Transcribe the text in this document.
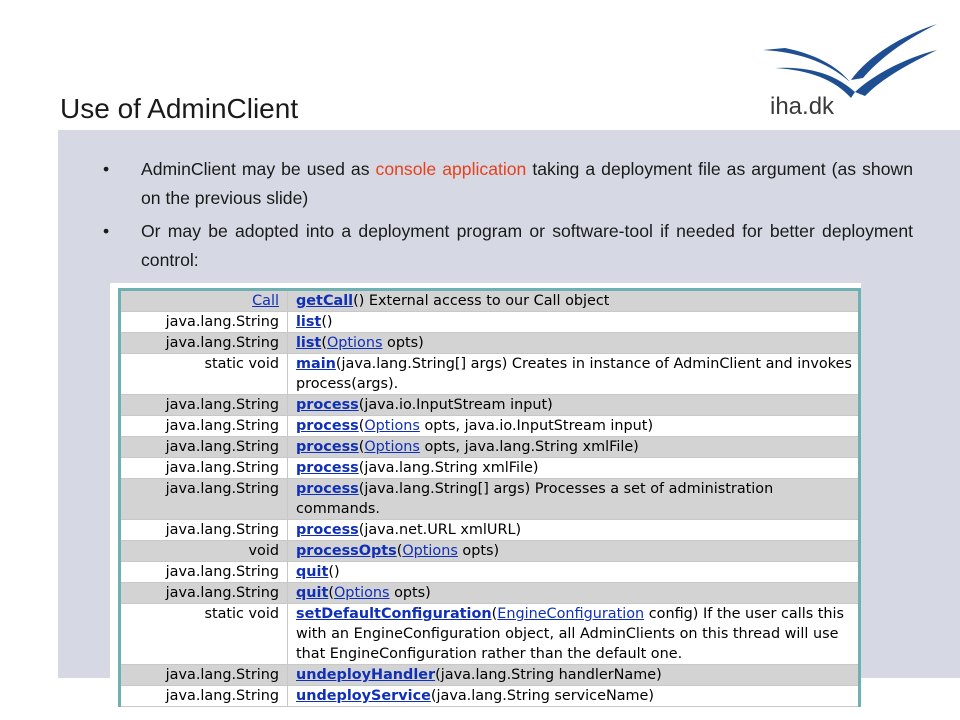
Use of AdminClient	iha.dk
• AdminClient may be used as console application taking a deployment file as argument (as shown on the previous slide)
• Or may be adopted into a deployment program or software-tool if needed for better deployment control:
Call	getCall() External access to our Call object
java.lang.String	list()
java.lang.String	list(Options opts)
static void	main(java.lang.String[] args) Creates in instance of AdminClient and invokes process(args).
java.lang.String	process(java.io.InputStream input)
java.lang.String	process(Options opts, java.io.InputStream input)
java.lang.String	process(Options opts, java.lang.String xmlFile)
java.lang.String	process(java.lang.String xmlFile)
java.lang.String	process(java.lang.String[] args) Processes a set of administration commands.
java.lang.String	process(java.net.URL xmlURL)
void	processOpts(Options opts)
java.lang.String	quit()
java.lang.String	quit(Options opts)
static void	setDefaultConfiguration(EngineConfiguration config) If the user calls this with an EngineConfiguration object, all AdminClients on this thread will use that EngineConfiguration rather than the default one.
java.lang.String	undeployHandler(java.lang.String handlerName)
java.lang.String	undeployService(java.lang.String serviceName)
